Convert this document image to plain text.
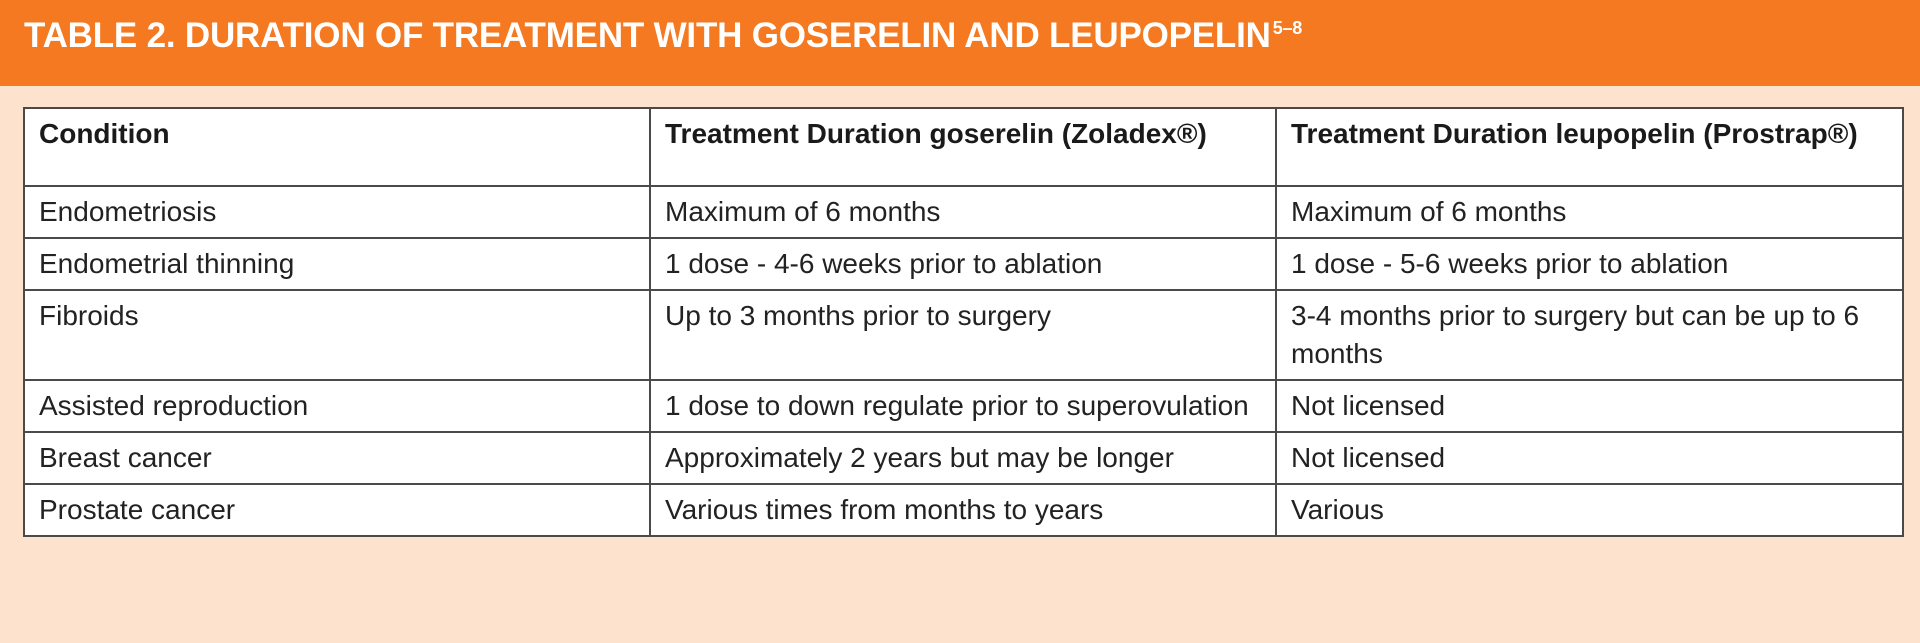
TABLE 2. DURATION OF TREATMENT WITH GOSERELIN AND LEUPOPELIN $^{5-8}$
Condition	Treatment Duration goserelin (Zoladex®)	Treatment Duration leupopelin (Prostrap®)
Endometriosis	Maximum of 6 months	Maximum of 6 months
Endometrial thinning	1 dose - 4-6 weeks prior to ablation	1 dose - 5-6 weeks prior to ablation
Fibroids	Up to 3 months prior to surgery	3-4 months prior to surgery but can be up to 6 months
Assisted reproduction	1 dose to down regulate prior to superovulation	Not licensed
Breast cancer	Approximately 2 years but may be longer	Not licensed
Prostate cancer	Various times from months to years	Various
